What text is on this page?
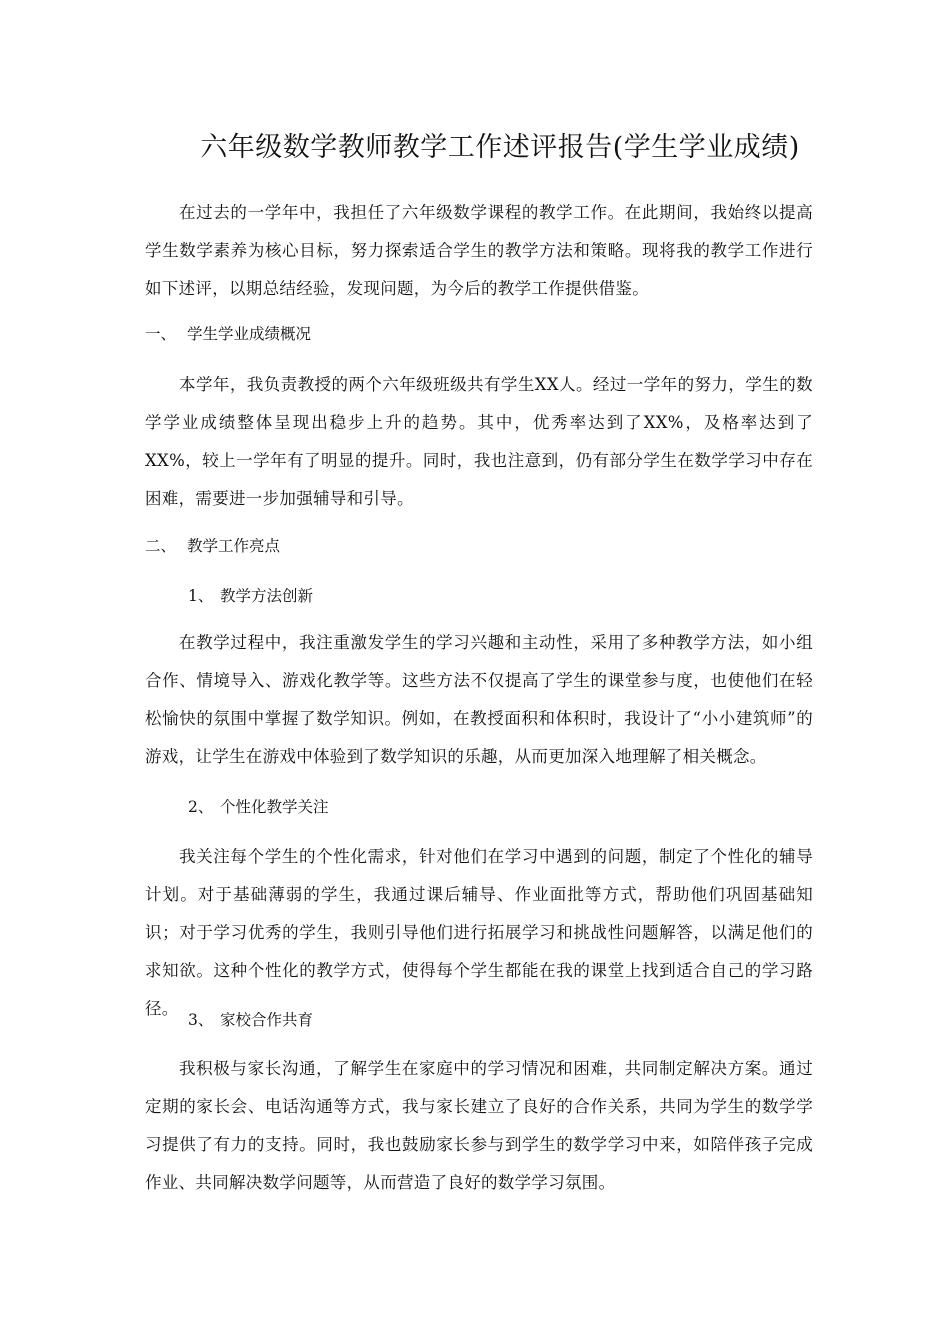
六年级数学教师教学工作述评报告(学生学业成绩)

在过去的一学年中，我担任了六年级数学课程的教学工作。在此期间，我始终以提高学生数学素养为核心目标，努力探索适合学生的教学方法和策略。现将我的教学工作进行如下述评，以期总结经验，发现问题，为今后的教学工作提供借鉴。

一、 学生学业成绩概况

本学年，我负责教授的两个六年级班级共有学生XX人。经过一学年的努力，学生的数学学业成绩整体呈现出稳步上升的趋势。其中，优秀率达到了XX%，及格率达到了XX%，较上一学年有了明显的提升。同时，我也注意到，仍有部分学生在数学学习中存在困难，需要进一步加强辅导和引导。

二、 教学工作亮点

1、 教学方法创新

在教学过程中，我注重激发学生的学习兴趣和主动性，采用了多种教学方法，如小组合作、情境导入、游戏化教学等。这些方法不仅提高了学生的课堂参与度，也使他们在轻松愉快的氛围中掌握了数学知识。例如，在教授面积和体积时，我设计了“小小建筑师”的游戏，让学生在游戏中体验到了数学知识的乐趣，从而更加深入地理解了相关概念。

2、 个性化教学关注

我关注每个学生的个性化需求，针对他们在学习中遇到的问题，制定了个性化的辅导计划。对于基础薄弱的学生，我通过课后辅导、作业面批等方式，帮助他们巩固基础知识；对于学习优秀的学生，我则引导他们进行拓展学习和挑战性问题解答，以满足他们的求知欲。这种个性化的教学方式，使得每个学生都能在我的课堂上找到适合自己的学习路径。

3、 家校合作共育

我积极与家长沟通，了解学生在家庭中的学习情况和困难，共同制定解决方案。通过定期的家长会、电话沟通等方式，我与家长建立了良好的合作关系，共同为学生的数学学习提供了有力的支持。同时，我也鼓励家长参与到学生的数学学习中来，如陪伴孩子完成作业、共同解决数学问题等，从而营造了良好的数学学习氛围。
